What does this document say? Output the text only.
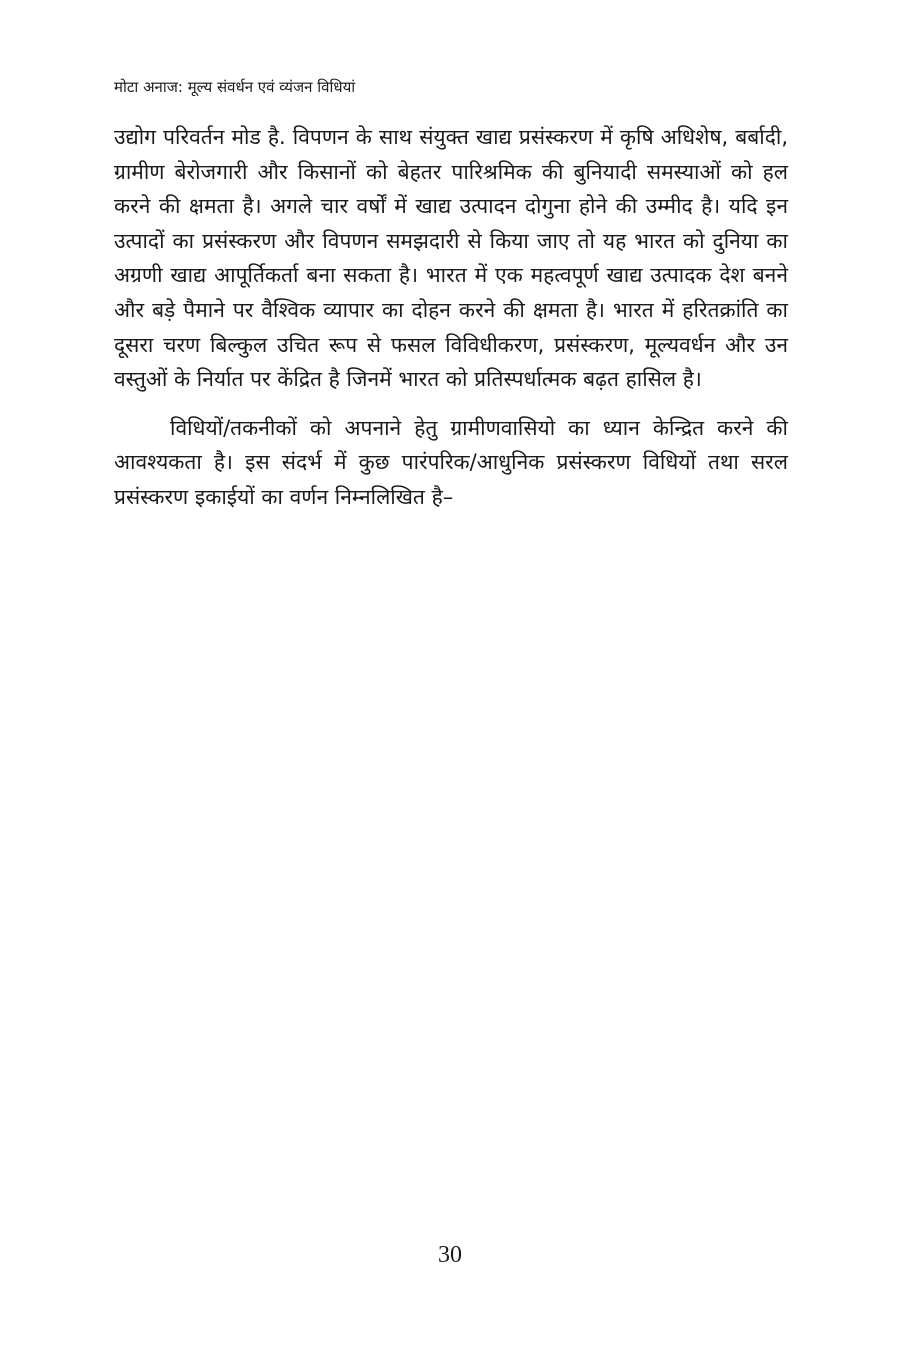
मोटा अनाज: मूल्य संवर्धन एवं व्यंजन विधियां

उद्योग परिवर्तन मोड है. विपणन के साथ संयुक्त खाद्य प्रसंस्करण में कृषि अधिशेष, बर्बादी, ग्रामीण बेरोजगारी और किसानों को बेहतर पारिश्रमिक की बुनियादी समस्याओं को हल करने की क्षमता है। अगले चार वर्षों में खाद्य उत्पादन दोगुना होने की उम्मीद है। यदि इन उत्पादों का प्रसंस्करण और विपणन समझदारी से किया जाए तो यह भारत को दुनिया का अग्रणी खाद्य आपूर्तिकर्ता बना सकता है। भारत में एक महत्वपूर्ण खाद्य उत्पादक देश बनने और बड़े पैमाने पर वैश्विक व्यापार का दोहन करने की क्षमता है। भारत में हरितक्रांति का दूसरा चरण बिल्कुल उचित रूप से फसल विविधीकरण, प्रसंस्करण, मूल्यवर्धन और उन वस्तुओं के निर्यात पर केंद्रित है जिनमें भारत को प्रतिस्पर्धात्मक बढ़त हासिल है।

विधियों/तकनीकों को अपनाने हेतु ग्रामीणवासियो का ध्यान केन्द्रित करने की आवश्यकता है। इस संदर्भ में कुछ पारंपरिक/आधुनिक प्रसंस्करण विधियों तथा सरल प्रसंस्करण इकाईयों का वर्णन निम्नलिखित है–

30
